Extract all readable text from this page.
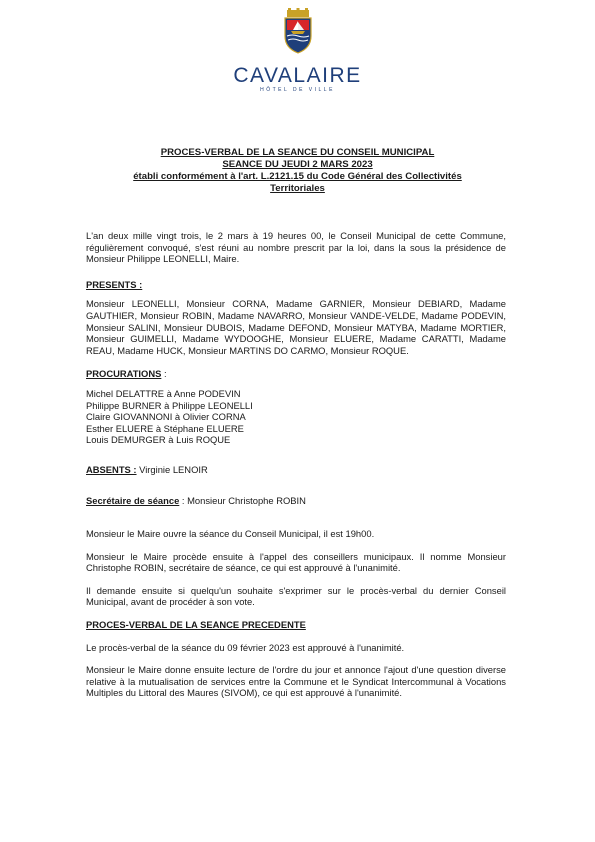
CAVALAIRE
HÔTEL DE VILLE
PROCES-VERBAL DE LA SEANCE DU CONSEIL MUNICIPAL
SEANCE DU JEUDI 2 MARS 2023
établi conformément à l'art. L.2121.15 du Code Général des Collectivités
Territoriales

L'an deux mille vingt trois, le 2 mars à 19 heures 00, le Conseil Municipal de cette Commune, régulièrement convoqué, s'est réuni au nombre prescrit par la loi, dans la sous la présidence de Monsieur Philippe LEONELLI, Maire.

PRESENTS :

Monsieur LEONELLI, Monsieur CORNA, Madame GARNIER, Monsieur DEBIARD, Madame GAUTHIER, Monsieur ROBIN, Madame NAVARRO, Monsieur VANDE-VELDE, Madame PODEVIN, Monsieur SALINI, Monsieur DUBOIS, Madame DEFOND, Monsieur MATYBA, Madame MORTIER, Monsieur GUIMELLI, Madame WYDOOGHE, Monsieur ELUERE, Madame CARATTI, Madame REAU, Madame HUCK, Monsieur MARTINS DO CARMO, Monsieur ROQUE.

PROCURATIONS :

Michel DELATTRE à Anne PODEVIN
Philippe BURNER à Philippe LEONELLI
Claire GIOVANNONI à Olivier CORNA
Esther ELUERE à Stéphane ELUERE
Louis DEMURGER à Luis ROQUE

ABSENTS : Virginie LENOIR

Secrétaire de séance : Monsieur Christophe ROBIN

Monsieur le Maire ouvre la séance du Conseil Municipal, il est 19h00.

Monsieur le Maire procède ensuite à l'appel des conseillers municipaux. Il nomme Monsieur Christophe ROBIN, secrétaire de séance, ce qui est approuvé à l'unanimité.

Il demande ensuite si quelqu'un souhaite s'exprimer sur le procès-verbal du dernier Conseil Municipal, avant de procéder à son vote.

PROCES-VERBAL DE LA SEANCE PRECEDENTE

Le procès-verbal de la séance du 09 février 2023 est approuvé à l'unanimité.

Monsieur le Maire donne ensuite lecture de l'ordre du jour et annonce l'ajout d'une question diverse relative à la mutualisation de services entre la Commune et le Syndicat Intercommunal à Vocations Multiples du Littoral des Maures (SIVOM), ce qui est approuvé à l'unanimité.
